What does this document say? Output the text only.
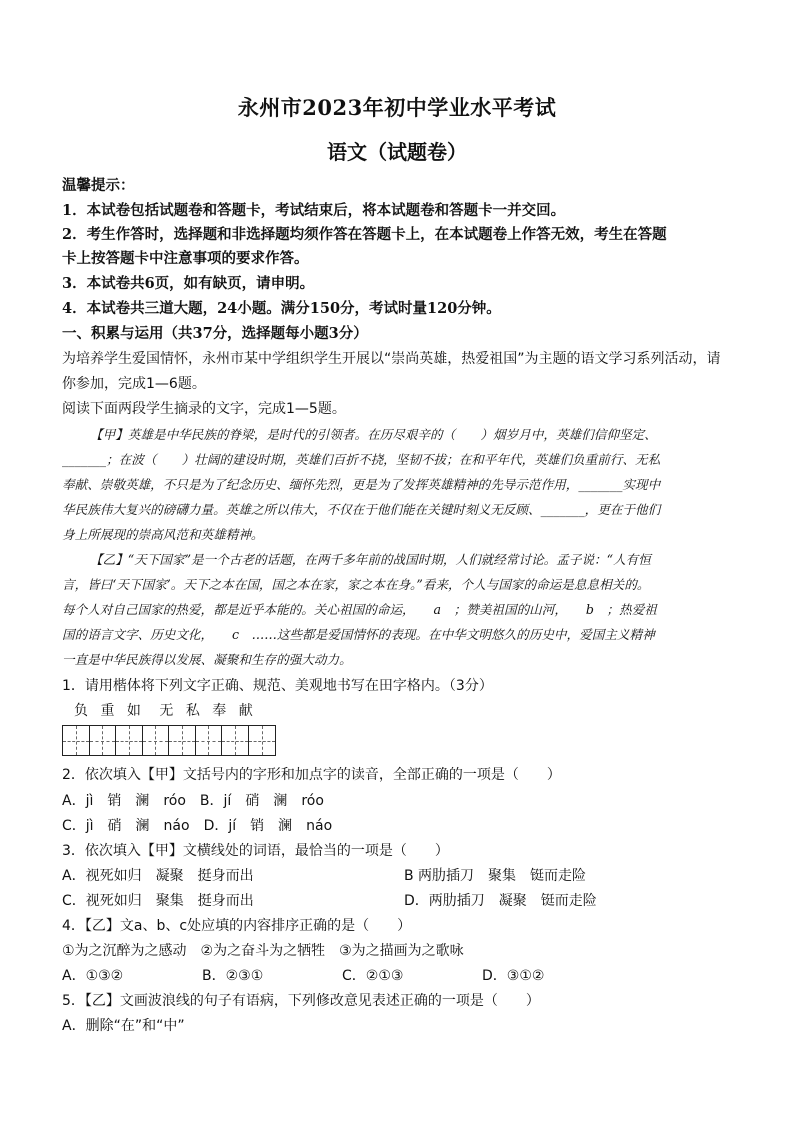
永州市2023年初中学业水平考试
语文（试题卷）
温馨提示：
1．本试卷包括试题卷和答题卡，考试结束后，将本试题卷和答题卡一并交回。
2．考生作答时，选择题和非选择题均须作答在答题卡上，在本试题卷上作答无效，考生在答题
卡上按答题卡中注意事项的要求作答。
3．本试卷共6页，如有缺页，请申明。
4．本试卷共三道大题，24小题。满分150分，考试时量120分钟。
一、积累与运用（共37分，选择题每小题3分）
为培养学生爱国情怀，永州市某中学组织学生开展以“崇尚英雄，热爱祖国”为主题的语文学习系列活动，请
你参加，完成1—6题。
阅读下面两段学生摘录的文字，完成1—5题。
【甲】英雄是中华民族的脊梁，是时代的引领者。在历尽艰辛的（　　）烟岁月中，英雄们信仰坚定、
_______；在波（　　）壮阔的建设时期，英雄们百折不挠，坚韧不拔；在和平年代，英雄们负重前行、无私
奉献、崇敬英雄，不只是为了纪念历史、缅怀先烈，更是为了发挥英雄精神的先导示范作用，_______实现中
华民族伟大复兴的磅礴力量。英雄之所以伟大，不仅在于他们能在关键时刻义无反顾、_______，更在于他们
身上所展现的崇高风范和英雄精神。
【乙】“天下国家”是一个古老的话题，在两千多年前的战国时期，人们就经常讨论。孟子说：“人有恒
言，皆曰‘天下国家’。天下之本在国，国之本在家，家之本在身。”看来，个人与国家的命运是息息相关的。
每个人对自己国家的热爱，都是近乎本能的。关心祖国的命运，　　a　；赞美祖国的山河，　　b　；热爱祖
国的语言文字、历史文化，　　c　……这些都是爱国情怀的表现。在中华文明悠久的历史中，爱国主义精神
一直是中华民族得以发展、凝聚和生存的强大动力。
1．请用楷体将下列文字正确、规范、美观地书写在田字格内。（3分）
负 重 如 无 私 奉 献
2．依次填入【甲】文括号内的字形和加点字的读音，全部正确的一项是（　　）
A．jì　销　澜　róo　B．jí　硝　澜　róo
C．jì　硝　澜　náo　D．jí　销　澜　náo
3．依次填入【甲】文横线处的词语，最恰当的一项是（　　）
A．视死如归　凝聚　挺身而出	B 两肋插刀　聚集　铤而走险
C．视死如归　聚集　挺身而出	D．两肋插刀　凝聚　铤而走险
4．【乙】文a、b、c处应填的内容排序正确的是（　　）
①为之沉醉为之感动　②为之奋斗为之牺牲　③为之描画为之歌咏
A．①③②	B．②③①	C．②①③	D．③①②
5．【乙】文画波浪线的句子有语病，下列修改意见表述正确的一项是（　　）
A．删除“在”和“中”
